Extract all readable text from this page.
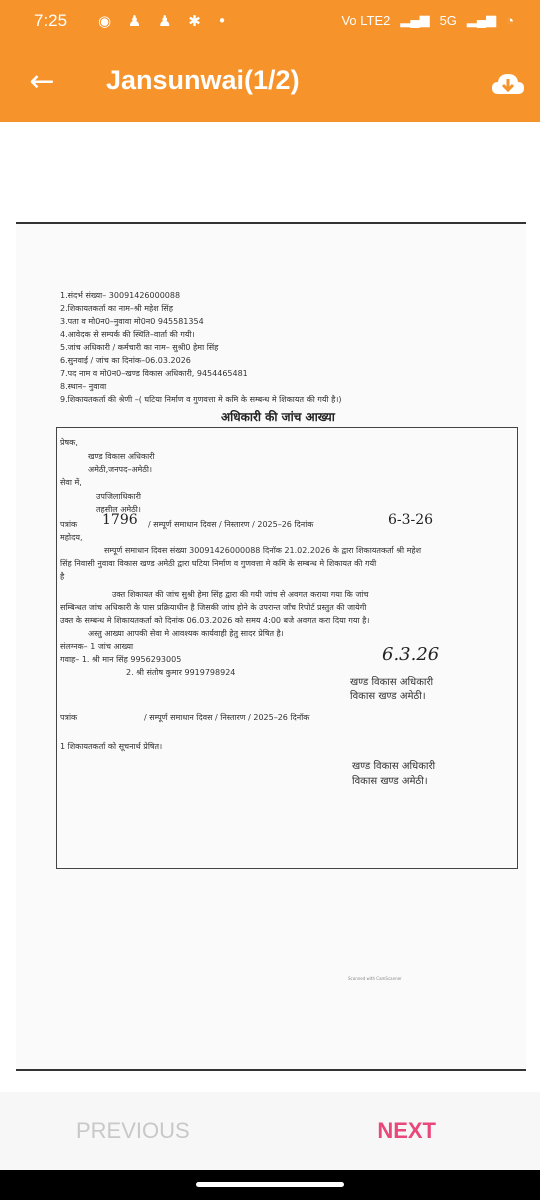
7:25 ◉ ♟ ♟ ✱ •	Vo LTE2 ▂▄▆ 5G ▂▄▆ ◔
← Jansunwai(1/2)
1.संदर्भ संख्या– 30091426000088
2.शिकायतकर्ता का नाम–श्री महेश सिंह
3.पता व मो0न0–नुवावा मो0न0 945581354
4.आवेदक से सम्पर्क की स्थिति–वार्ता की गयी।
5.जांच अधिकारी / कर्मचारी का नाम– सुश्री0 हेमा सिंह
6.सुनवाई / जांच का दिनांक–06.03.2026
7.पद नाम व मो0न0–खण्ड विकास अधिकारी, 9454465481
8.स्थान– नुवावा
9.शिकायतकर्ता की श्रेणी –( घटिया निर्माण व गुणवत्ता मे कमि के सम्बन्ध मे शिकायत की गयी है।)
अधिकारी की जांच आख्या
प्रेषक,
खण्ड विकास अधिकारी
अमेठी,जनपद–अमेठी।
सेवा में,
उपजिलाधिकारी
तहसील अमेठी।
पत्रांक 1796 / सम्पूर्ण समाधान दिवस / निस्तारण / 2025–26 दिनांक	6-3-26
महोदय,
सम्पूर्ण समाधान दिवस संख्या 30091426000088 दिनॉक 21.02.2026 के द्वारा शिकायतकर्ता श्री महेश
सिंह निवासी नुवावा विकास खण्ड अमेठी द्वारा घटिया निर्माण व गुणवत्ता मे कमि के सम्बन्ध मे शिकायत की गयी
है
उक्त शिकायत की जांच सुश्री हेमा सिंह द्वारा की गयी जांच से अवगत कराया गया कि जांच
सम्बिन्धत जांच अधिकारी के पास प्रक्रियाधीन है जिसकी जांच होने के उपरान्त जाँच रिपोर्ट प्रस्तुत की जायेगी
उक्त के सम्बन्ध मे शिकायतकर्ता को दिनांक 06.03.2026 को समय 4:00 बजे अवगत करा दिया गया है।
अस्तु आख्या आपकी सेवा मे आवश्यक कार्यवाही हेतु सादर प्रेषित है।
संलग्नक– 1 जांच आख्या
गवाह– 1. श्री मान सिंह 9956293005
2. श्री संतोष कुमार 9919798924
6.3.26
खण्ड विकास अधिकारी
विकास खण्ड अमेठी।
पत्रांक	/ सम्पूर्ण समाधान दिवस / निस्तारण / 2025–26 दिनॉक
1 शिकायतकर्ता को सूचनार्थ प्रेषित।
खण्ड विकास अधिकारी
विकास खण्ड अमेठी।
Scanned with CamScanner
PREVIOUS	NEXT
